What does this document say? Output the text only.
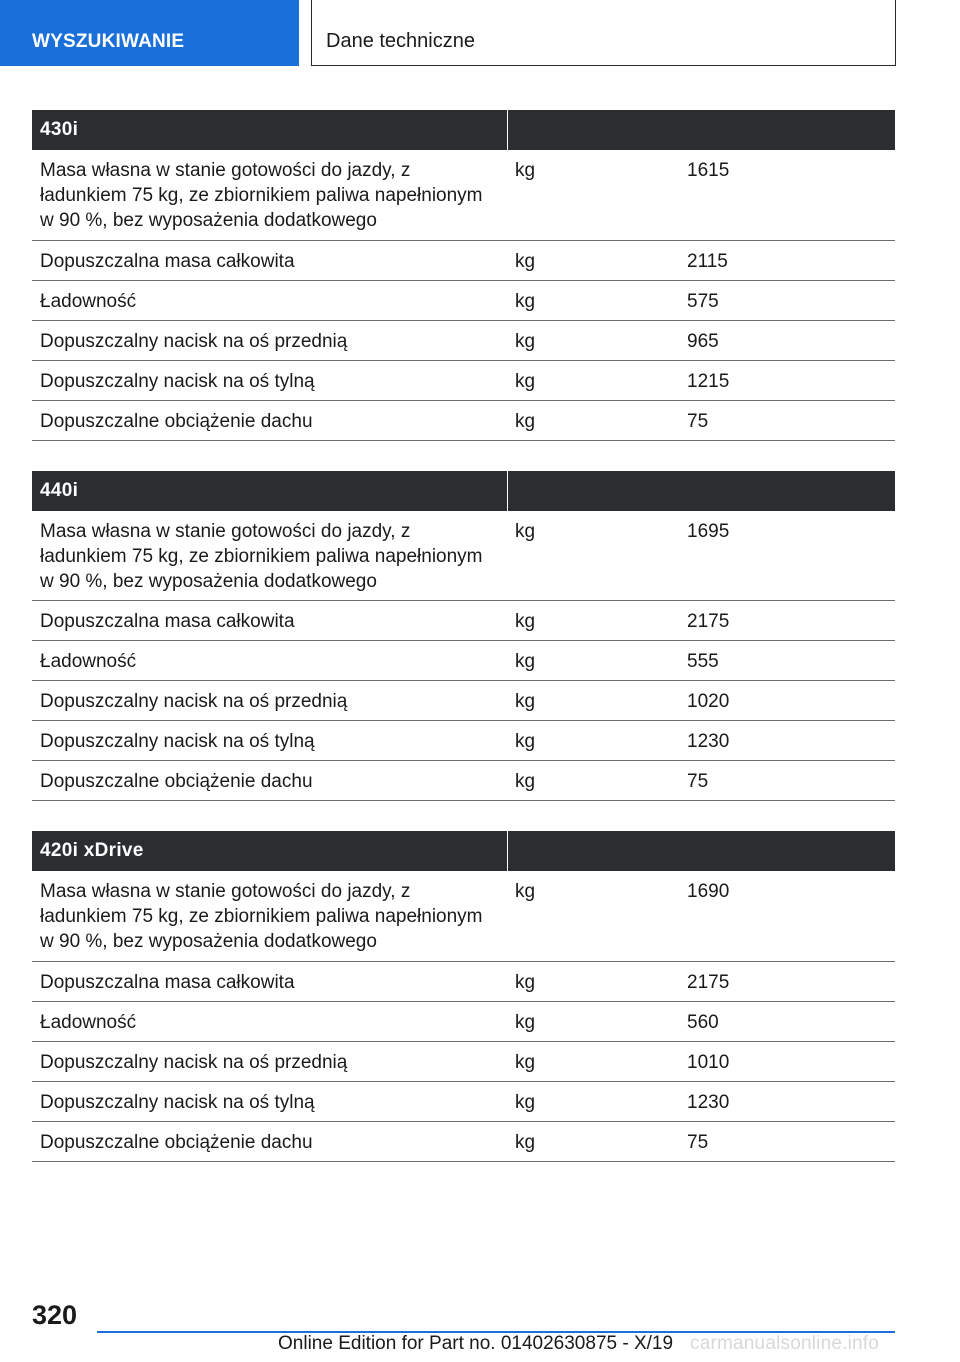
WYSZUKIWANIE	Dane techniczne
430i		
Masa własna w stanie gotowości do jazdy, z ładunkiem 75 kg, ze zbiornikiem paliwa napełnionym w 90 %, bez wyposażenia dodatkowego	kg	1615
Dopuszczalna masa całkowita	kg	2115
Ładowność	kg	575
Dopuszczalny nacisk na oś przednią	kg	965
Dopuszczalny nacisk na oś tylną	kg	1215
Dopuszczalne obciążenie dachu	kg	75
440i		
Masa własna w stanie gotowości do jazdy, z ładunkiem 75 kg, ze zbiornikiem paliwa napełnionym w 90 %, bez wyposażenia dodatkowego	kg	1695
Dopuszczalna masa całkowita	kg	2175
Ładowność	kg	555
Dopuszczalny nacisk na oś przednią	kg	1020
Dopuszczalny nacisk na oś tylną	kg	1230
Dopuszczalne obciążenie dachu	kg	75
420i xDrive		
Masa własna w stanie gotowości do jazdy, z ładunkiem 75 kg, ze zbiornikiem paliwa napełnionym w 90 %, bez wyposażenia dodatkowego	kg	1690
Dopuszczalna masa całkowita	kg	2175
Ładowność	kg	560
Dopuszczalny nacisk na oś przednią	kg	1010
Dopuszczalny nacisk na oś tylną	kg	1230
Dopuszczalne obciążenie dachu	kg	75
320
Online Edition for Part no. 01402630875 - X/19 carmanualsonline.info
